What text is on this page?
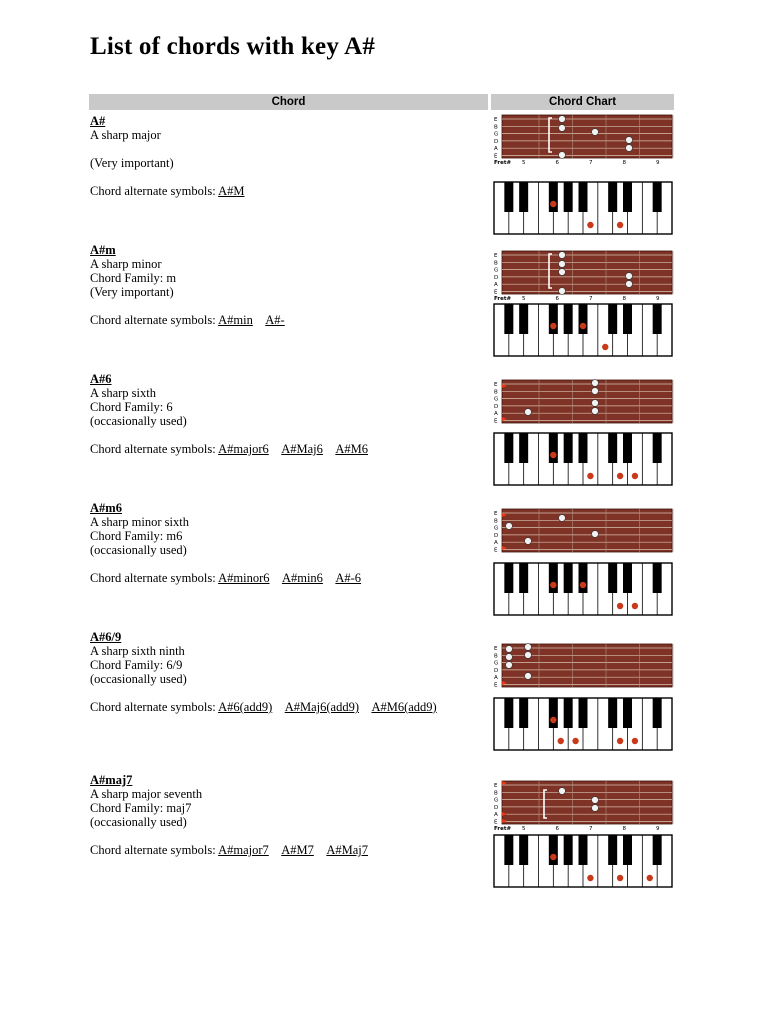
List of chords with key A#
Chord	Chord Chart
A#
A sharp major
(Very important)
Chord alternate symbols: A#M
E
B
G
D
A
E
Fret# 5	6	7	8	9
A#m
A sharp minor
Chord Family: m
(Very important)
Chord alternate symbols: A#min A#-
E
B
G
D
A
E
Fret# 5	6	7	8	9
A#6
A sharp sixth
Chord Family: 6
(occasionally used)
Chord alternate symbols: A#major6 A#Maj6 A#M6
E
B
G
D
A
E
A#m6
A sharp minor sixth
Chord Family: m6
(occasionally used)
Chord alternate symbols: A#minor6 A#min6 A#-6
E
B
G
D
A
E
A#6/9
A sharp sixth ninth
Chord Family: 6/9
(occasionally used)
Chord alternate symbols: A#6(add9) A#Maj6(add9) A#M6(add9)
E
B
G
D
A
E
A#maj7
A sharp major seventh
Chord Family: maj7
(occasionally used)
Chord alternate symbols: A#major7 A#M7 A#Maj7
E
B
G
D
A
E
Fret# 5	6	7	8	9
